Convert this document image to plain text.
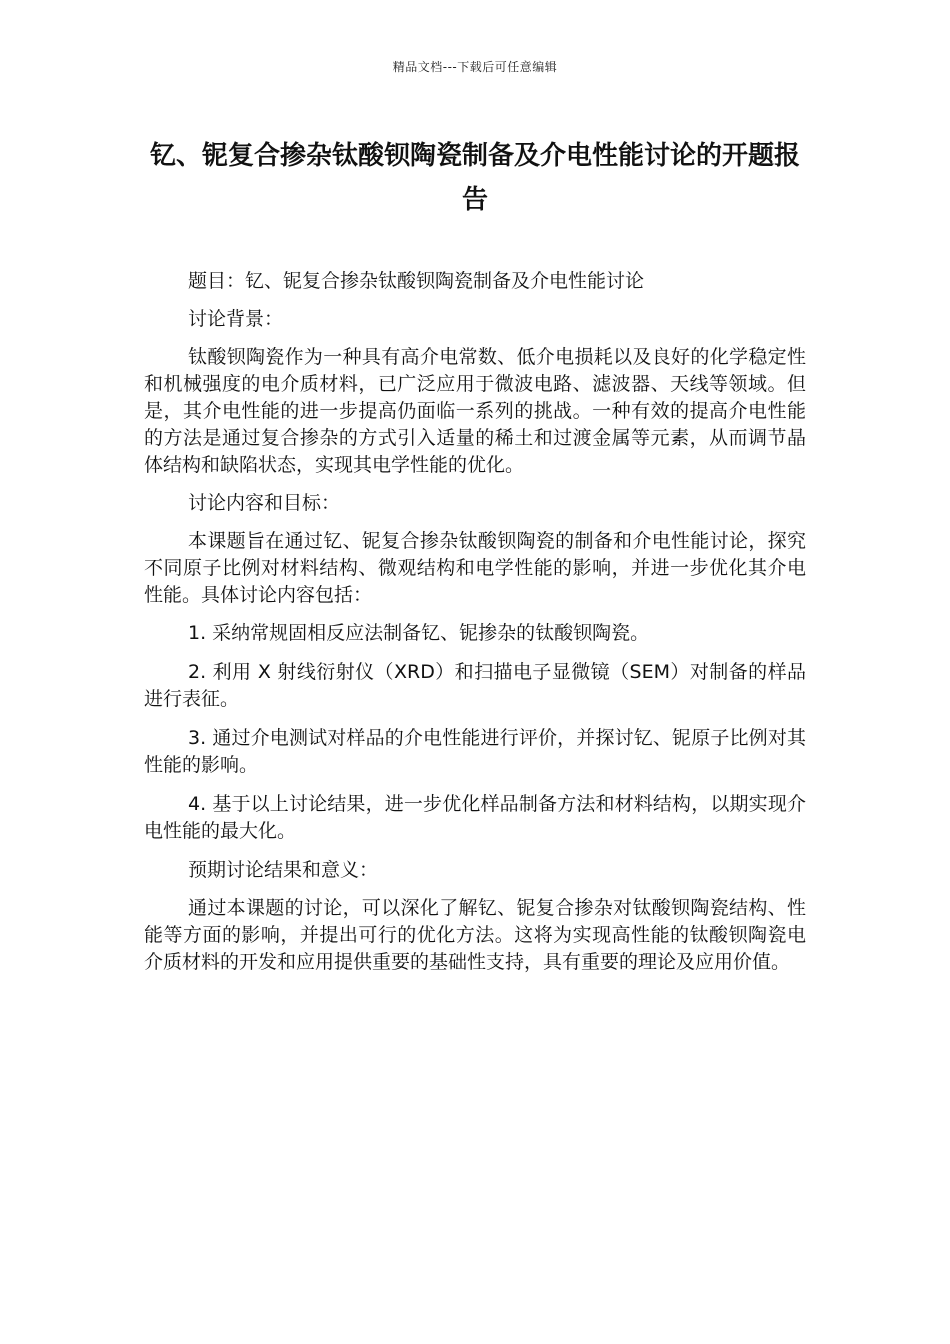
精品文档---下载后可任意编辑
钇、铌复合掺杂钛酸钡陶瓷制备及介电性能讨论的开题报告

题目：钇、铌复合掺杂钛酸钡陶瓷制备及介电性能讨论

讨论背景：

钛酸钡陶瓷作为一种具有高介电常数、低介电损耗以及良好的化学稳定性和机械强度的电介质材料，已广泛应用于微波电路、滤波器、天线等领域。但是，其介电性能的进一步提高仍面临一系列的挑战。一种有效的提高介电性能的方法是通过复合掺杂的方式引入适量的稀土和过渡金属等元素，从而调节晶体结构和缺陷状态，实现其电学性能的优化。

讨论内容和目标：

本课题旨在通过钇、铌复合掺杂钛酸钡陶瓷的制备和介电性能讨论，探究不同原子比例对材料结构、微观结构和电学性能的影响，并进一步优化其介电性能。具体讨论内容包括：

1. 采纳常规固相反应法制备钇、铌掺杂的钛酸钡陶瓷。

2. 利用 X 射线衍射仪（XRD）和扫描电子显微镜（SEM）对制备的样品进行表征。

3. 通过介电测试对样品的介电性能进行评价，并探讨钇、铌原子比例对其性能的影响。

4. 基于以上讨论结果，进一步优化样品制备方法和材料结构，以期实现介电性能的最大化。

预期讨论结果和意义：

通过本课题的讨论，可以深化了解钇、铌复合掺杂对钛酸钡陶瓷结构、性能等方面的影响，并提出可行的优化方法。这将为实现高性能的钛酸钡陶瓷电介质材料的开发和应用提供重要的基础性支持，具有重要的理论及应用价值。
